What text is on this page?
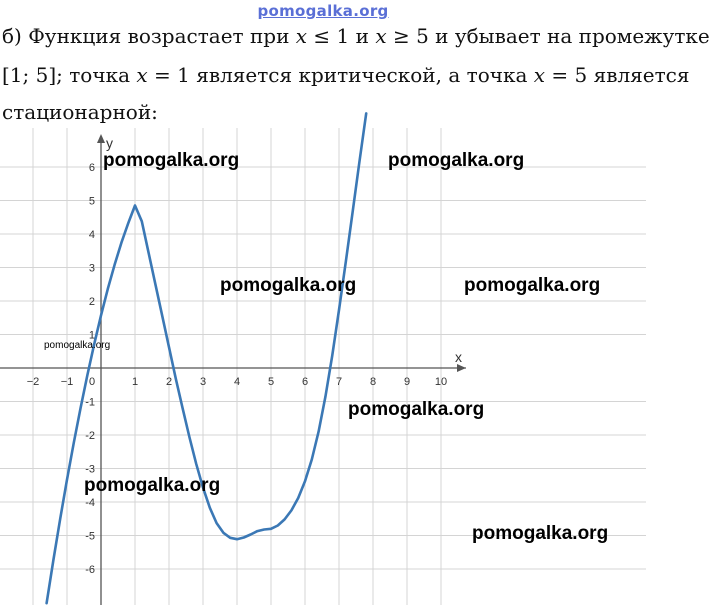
pomogalka.org
б) Функция возрастает при x ≤ 1 и x ≥ 5 и убывает на промежутке
[1; 5]; точка x = 1 является критической, а точка x = 5 является
стационарной:
x
y
−2 −1 0	1	2	3	4	5	6	7	8	9 10
-6
-5
-4
-3
-2
-1
1
2
3
4
5
6 pomogalka.org	pomogalka.org
pomogalka.org	pomogalka.org
pomogalka.org
pomogalka.org
pomogalka.org
pomogalka.org
